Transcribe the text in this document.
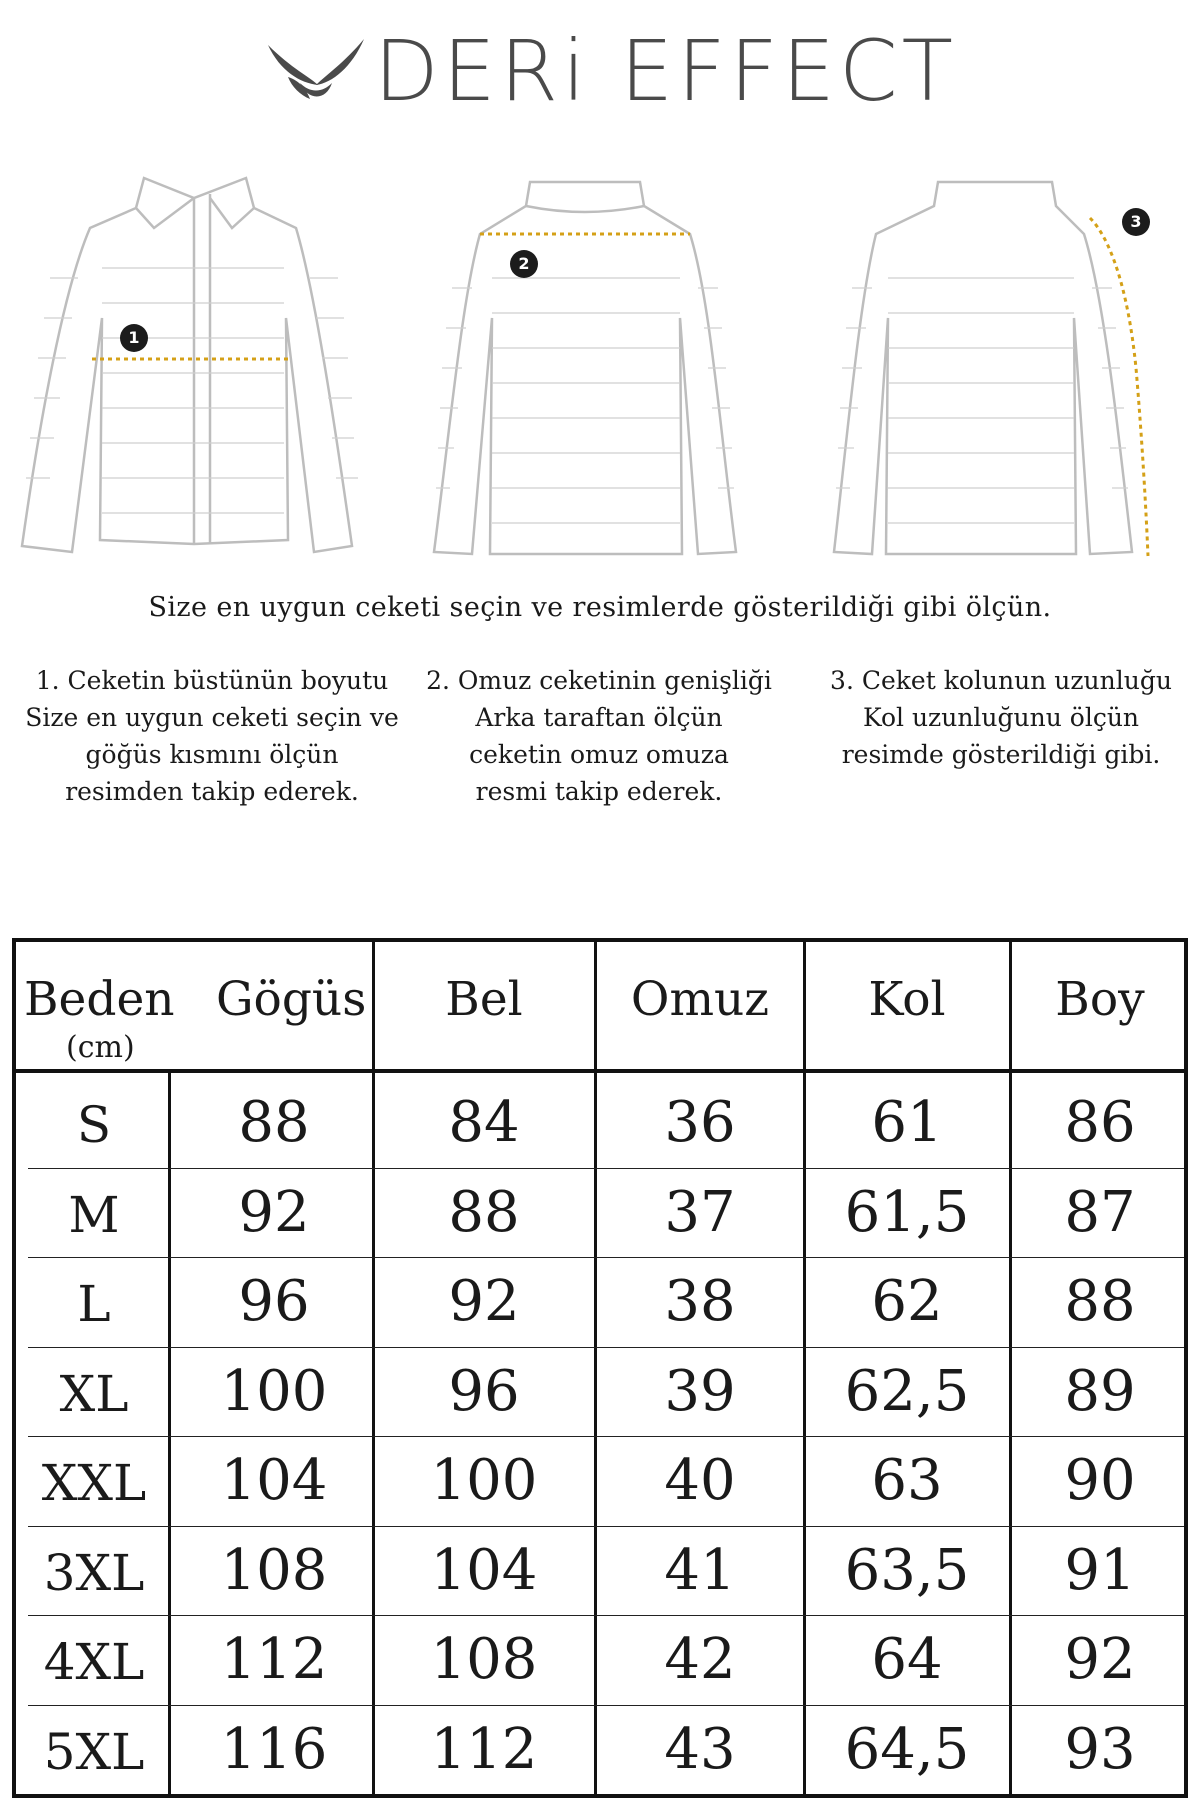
DERi EFFECT
1
2
3
Size en uygun ceketi seçin ve resimlerde gösterildiği gibi ölçün.
1. Ceketin büstünün boyutu
Size en uygun ceketi seçin ve
göğüs kısmını ölçün
resimden takip ederek.
2. Omuz ceketinin genişliği
Arka taraftan ölçün
ceketin omuz omuza
resmi takip ederek.
3. Ceket kolunun uzunluğu
Kol uzunluğunu ölçün
resimde gösterildiği gibi.
Beden
(cm)
Gögüs	Bel	Omuz	Kol	Boy
S	88	84	36	61	86
M	92	88	37	61,5	87
L	96	92	38	62	88
XL	100	96	39	62,5	89
XXL	104	100	40	63	90
3XL	108	104	41	63,5	91
4XL	112	108	42	64	92
5XL	116	112	43	64,5	93
